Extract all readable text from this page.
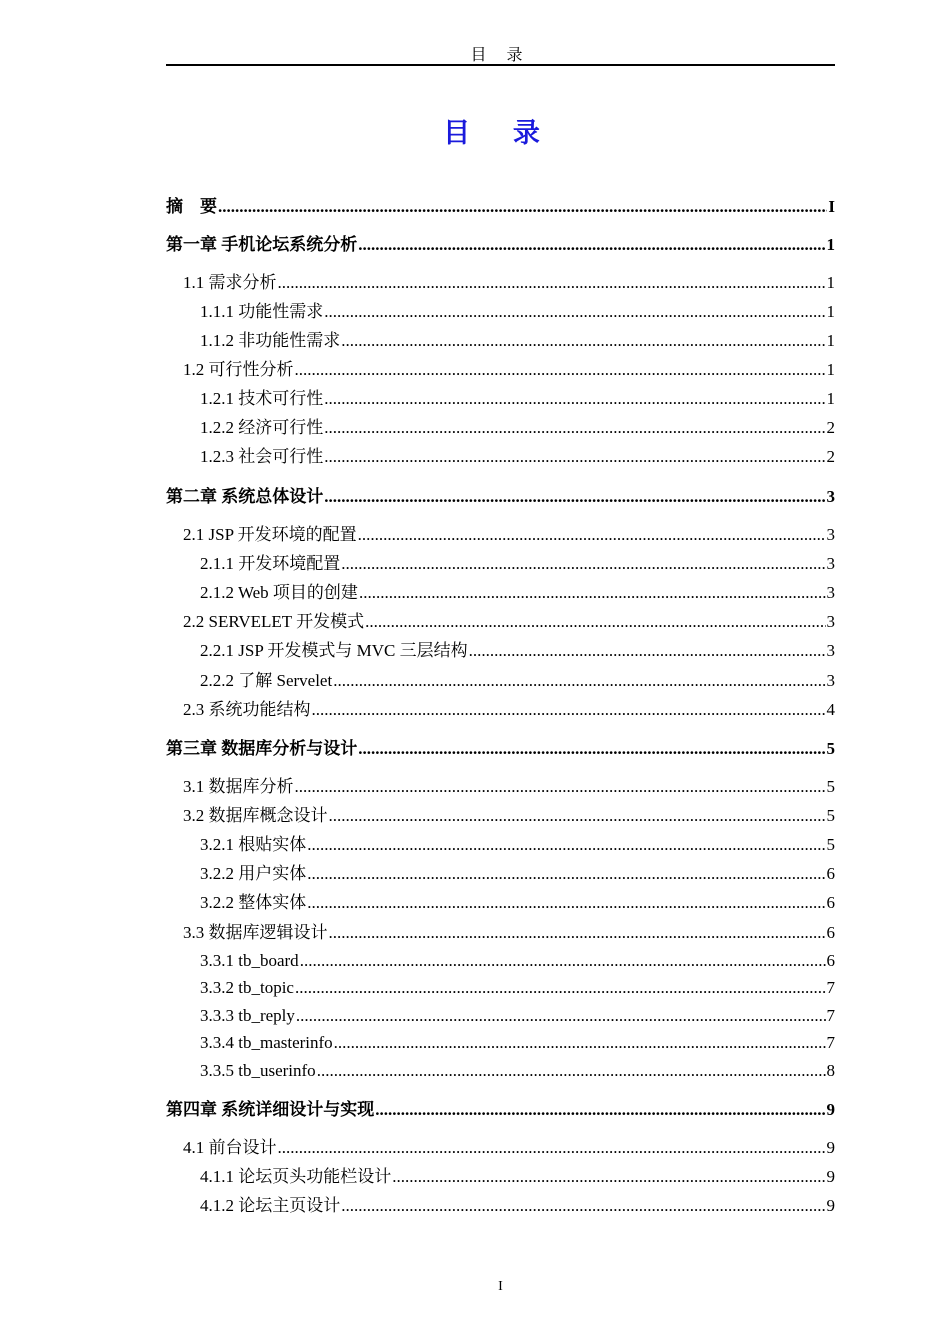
目 录
目 录
摘　要 .....	I
第一章 手机论坛系统分析 .....	1
1.1 需求分析 .....	1
1.1.1 功能性需求 .....	1
1.1.2 非功能性需求 .....	1
1.2 可行性分析 .....	1
1.2.1 技术可行性 .....	1
1.2.2 经济可行性 .....	2
1.2.3 社会可行性 .....	2
第二章 系统总体设计 .....	3
2.1 JSP 开发环境的配置 .....	3
2.1.1 开发环境配置 .....	3
2.1.2 Web 项目的创建 .....	3
2.2 SERVELET 开发模式 .....	3
2.2.1 JSP 开发模式与 MVC 三层结构 .....	3
2.2.2 了解 Servelet .....	3
2.3 系统功能结构 .....	4
第三章 数据库分析与设计 .....	5
3.1 数据库分析 .....	5
3.2 数据库概念设计 .....	5
3.2.1 根贴实体 .....	5
3.2.2 用户实体 .....	6
3.2.2 整体实体 .....	6
3.3 数据库逻辑设计 .....	6
3.3.1 tb_board .....	6
3.3.2 tb_topic .....	7
3.3.3 tb_reply .....	7
3.3.4 tb_masterinfo .....	7
3.3.5 tb_userinfo .....	8
第四章 系统详细设计与实现 .....	9
4.1 前台设计 .....	9
4.1.1 论坛页头功能栏设计 .....	9
4.1.2 论坛主页设计 .....	9
I
